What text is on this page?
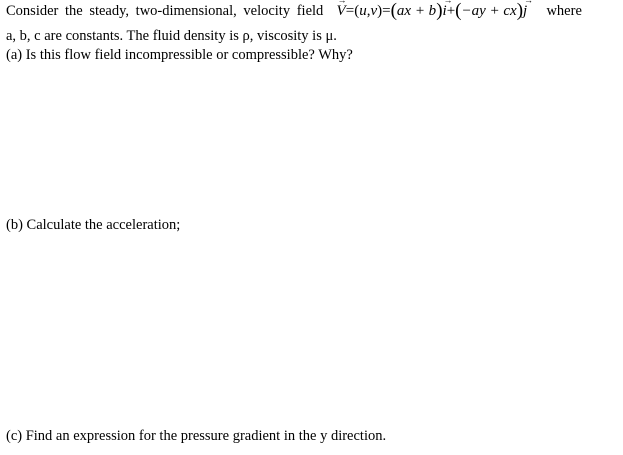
Consider the steady, two-dimensional, velocity field
→
V=(u,v)=(ax + b) →
i+(−ay + cx) →
j where
a, b, c are constants. The fluid density is ρ, viscosity is μ.
(a) Is this flow field incompressible or compressible? Why?
(b) Calculate the acceleration;
(c) Find an expression for the pressure gradient in the y direction.
